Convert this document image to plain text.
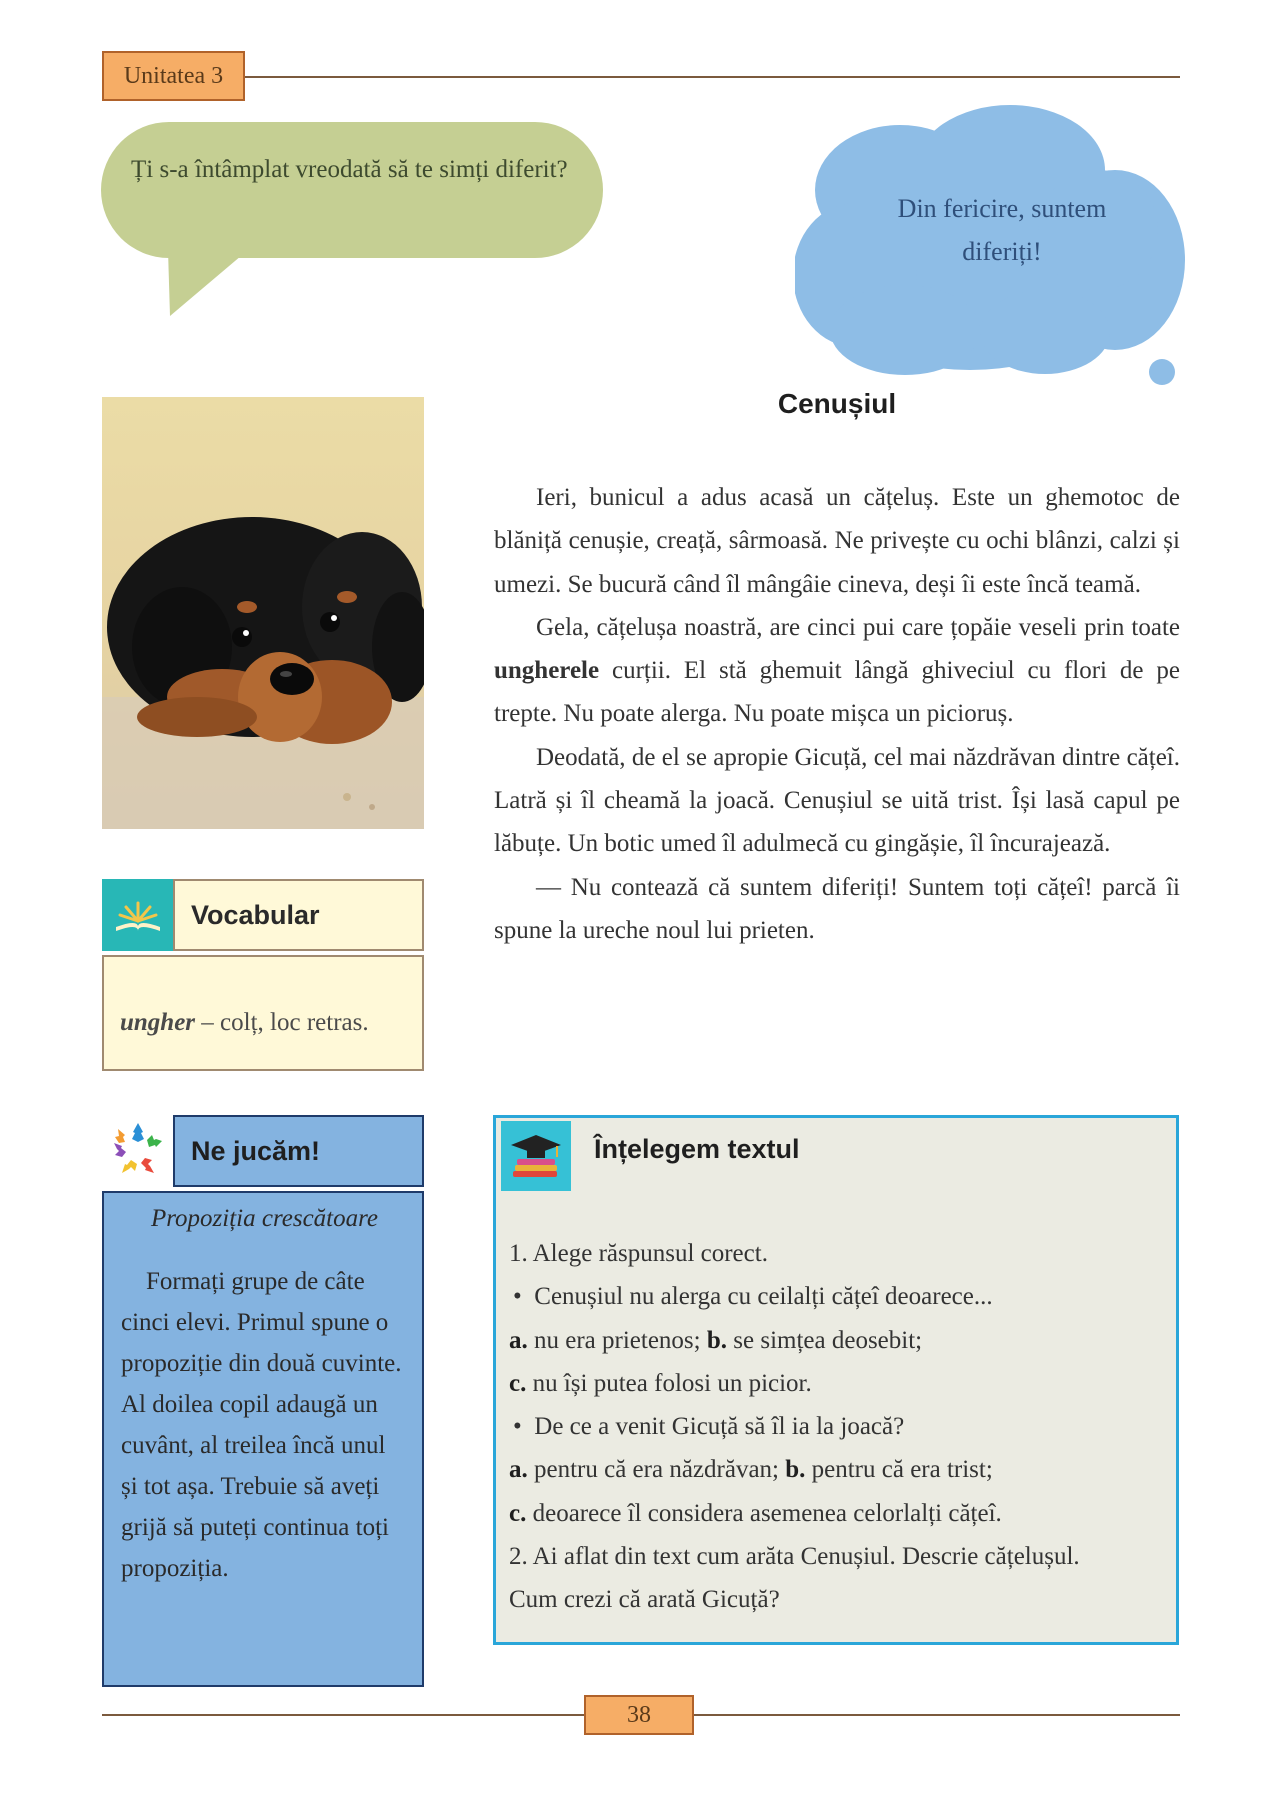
Unitatea 3
Ți s-a întâmplat vreodată să te simți diferit?
Din fericire, suntem
diferiți!
Vocabular
ungher – colț, loc retras.
Ne jucăm!
Propoziția crescătoare
Formați grupe de câte cinci elevi. Primul spune o propoziție din două cuvinte. Al doilea copil adaugă un cuvânt, al treilea încă unul și tot așa. Trebuie să aveți grijă să puteți continua toți propoziția.
Cenușiul

Ieri, bunicul a adus acasă un cățeluș. Este un ghemotoc de blăniță cenușie, creață, sârmoasă. Ne privește cu ochi blânzi, calzi și umezi. Se bucură când îl mângâie cineva, deși îi este încă teamă.

Gela, cățelușa noastră, are cinci pui care țopăie veseli prin toate ungherele curții. El stă ghemuit lângă ghiveciul cu flori de pe trepte. Nu poate alerga. Nu poate mișca un picioruș.

Deodată, de el se apropie Gicuță, cel mai năzdrăvan dintre cățeî. Latră și îl cheamă la joacă. Cenușiul se uită trist. Își lasă capul pe lăbuțe. Un botic umed îl adulmecă cu gingășie, îl încurajează.

— Nu contează că suntem diferiți! Suntem toți cățeî! parcă îi spune la ureche noul lui prieten.

Înțelegem textul
1. Alege răspunsul corect.
•  Cenușiul nu alerga cu ceilalți cățeî deoarece...
a. nu era prietenos; b. se simțea deosebit;
c. nu își putea folosi un picior.
•  De ce a venit Gicuță să îl ia la joacă?
a. pentru că era năzdrăvan; b. pentru că era trist;
c. deoarece îl considera asemenea celorlalți cățeî.
2. Ai aflat din text cum arăta Cenușiul. Descrie cățelușul.
Cum crezi că arată Gicuță?
38
